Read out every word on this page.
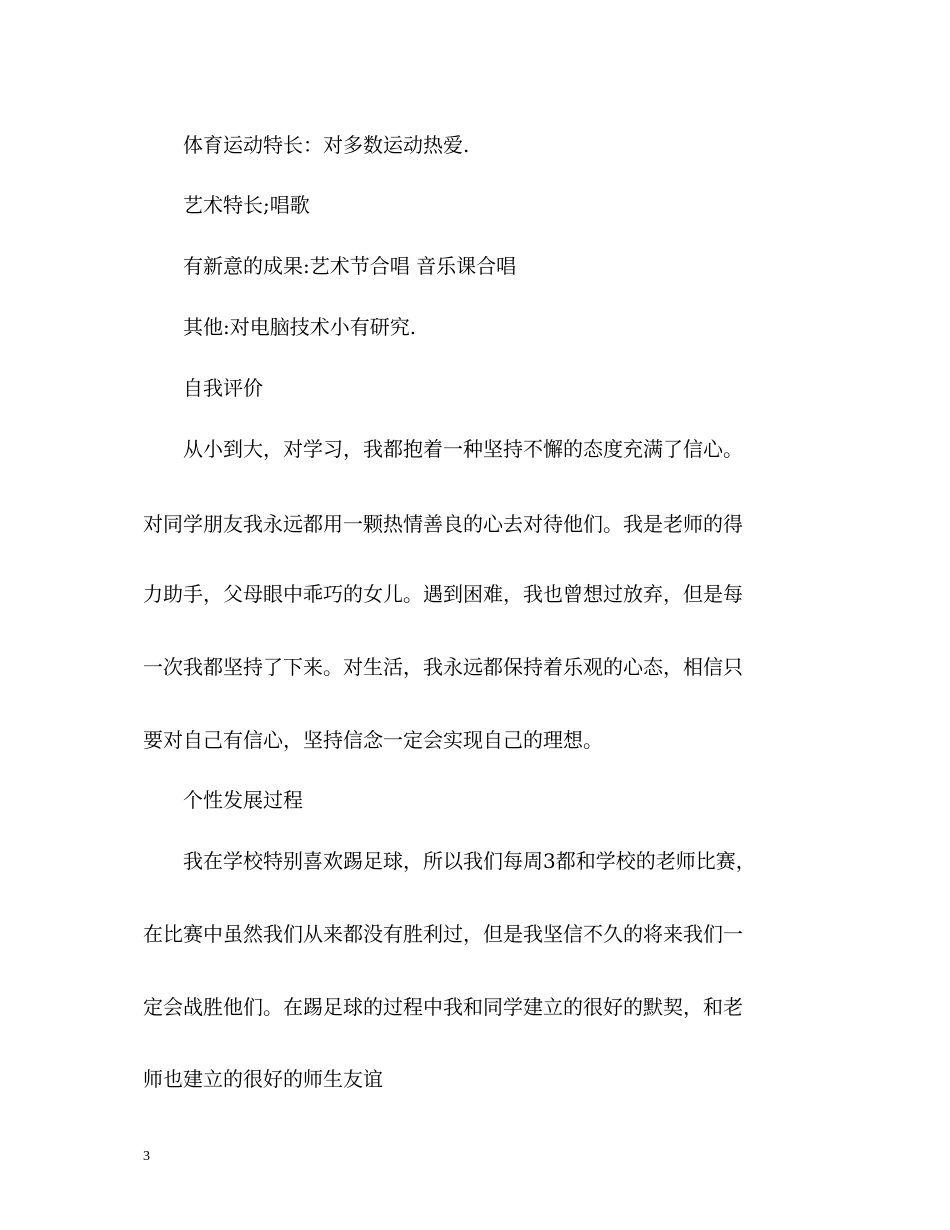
体育运动特长：对多数运动热爱.
艺术特长;唱歌
有新意的成果:艺术节合唱 音乐课合唱
其他:对电脑技术小有研究.
自我评价
从小到大，对学习，我都抱着一种坚持不懈的态度充满了信心。
对同学朋友我永远都用一颗热情善良的心去对待他们。我是老师的得
力助手，父母眼中乖巧的女儿。遇到困难，我也曾想过放弃，但是每
一次我都坚持了下来。对生活，我永远都保持着乐观的心态，相信只
要对自己有信心，坚持信念一定会实现自己的理想。
个性发展过程
我在学校特别喜欢踢足球，所以我们每周3都和学校的老师比赛，
在比赛中虽然我们从来都没有胜利过，但是我坚信不久的将来我们一
定会战胜他们。在踢足球的过程中我和同学建立的很好的默契，和老
师也建立的很好的师生友谊
3
